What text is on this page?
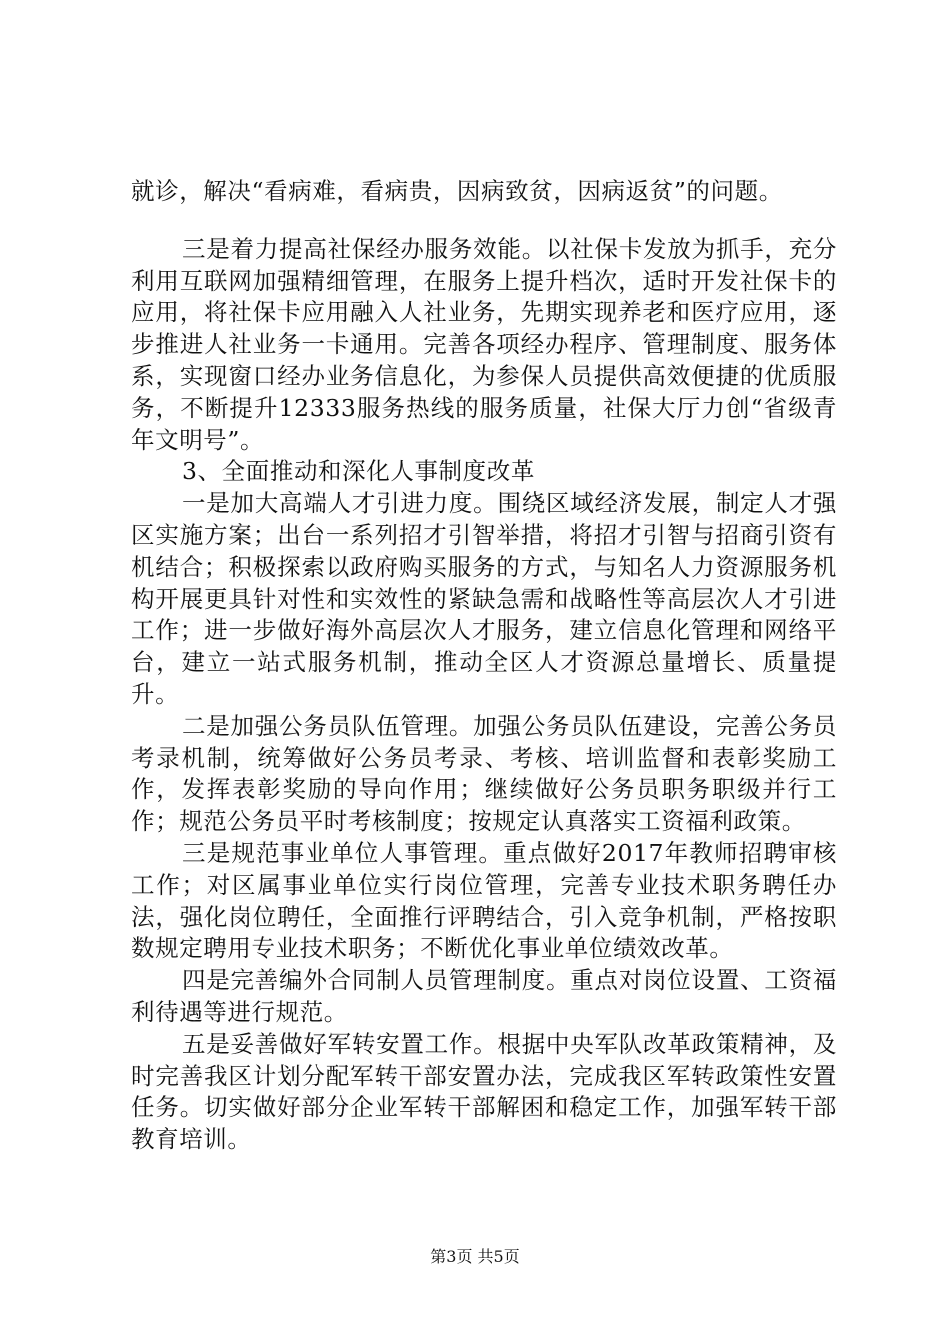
就诊，解决“看病难，看病贵，因病致贫，因病返贫”的问题。

三是着力提高社保经办服务效能。以社保卡发放为抓手，充分利用互联网加强精细管理，在服务上提升档次，适时开发社保卡的应用，将社保卡应用融入人社业务，先期实现养老和医疗应用，逐步推进人社业务一卡通用。完善各项经办程序、管理制度、服务体系，实现窗口经办业务信息化，为参保人员提供高效便捷的优质服务，不断提升12333服务热线的服务质量，社保大厅力创“省级青年文明号”。

3、全面推动和深化人事制度改革

一是加大高端人才引进力度。围绕区域经济发展，制定人才强区实施方案；出台一系列招才引智举措，将招才引智与招商引资有机结合；积极探索以政府购买服务的方式，与知名人力资源服务机构开展更具针对性和实效性的紧缺急需和战略性等高层次人才引进工作；进一步做好海外高层次人才服务，建立信息化管理和网络平台，建立一站式服务机制，推动全区人才资源总量增长、质量提升。

二是加强公务员队伍管理。加强公务员队伍建设，完善公务员考录机制，统筹做好公务员考录、考核、培训监督和表彰奖励工作，发挥表彰奖励的导向作用；继续做好公务员职务职级并行工作；规范公务员平时考核制度；按规定认真落实工资福利政策。

三是规范事业单位人事管理。重点做好2017年教师招聘审核工作；对区属事业单位实行岗位管理，完善专业技术职务聘任办法，强化岗位聘任，全面推行评聘结合，引入竞争机制，严格按职数规定聘用专业技术职务；不断优化事业单位绩效改革。

四是完善编外合同制人员管理制度。重点对岗位设置、工资福利待遇等进行规范。

五是妥善做好军转安置工作。根据中央军队改革政策精神，及时完善我区计划分配军转干部安置办法，完成我区军转政策性安置任务。切实做好部分企业军转干部解困和稳定工作，加强军转干部教育培训。

第3页 共5页
